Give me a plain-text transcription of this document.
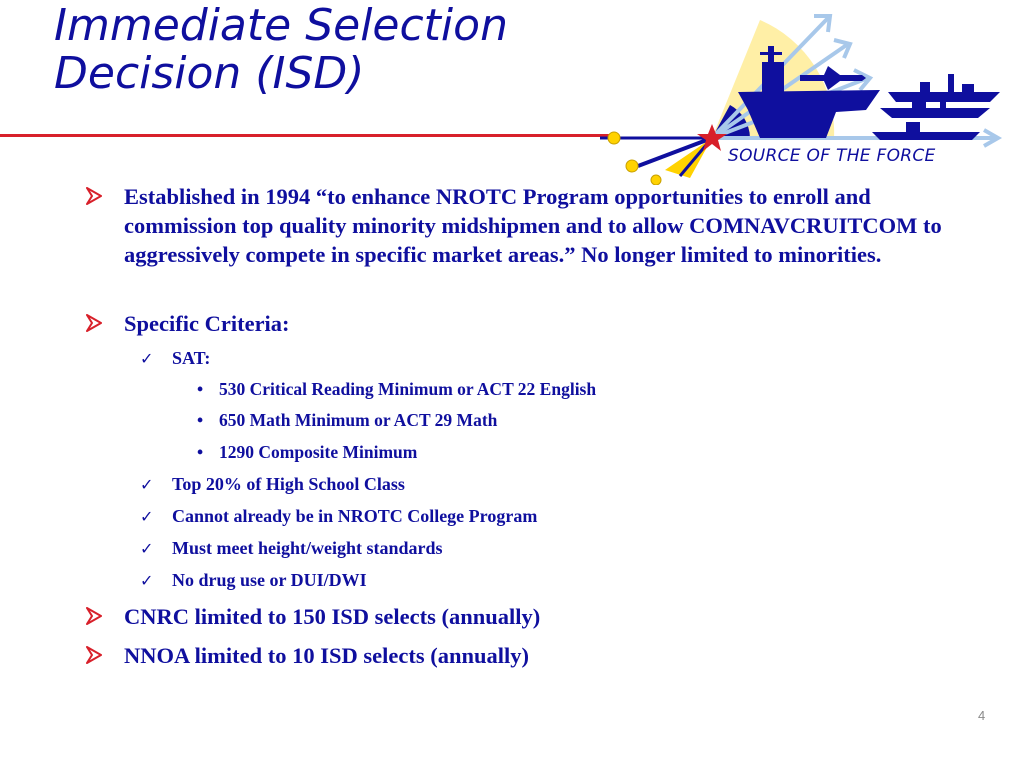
Immediate Selection
Decision (ISD)
SOURCE OF THE FORCE
Established in 1994 “to enhance NROTC Program opportunities to enroll and commission top quality minority midshipmen and to allow COMNAVCRUITCOM to aggressively compete in specific market areas.” No longer limited to minorities.
Specific Criteria:
✓ SAT:
• 530 Critical Reading Minimum or ACT 22 English
• 650 Math Minimum or ACT 29 Math
• 1290 Composite Minimum
✓ Top 20% of High School Class
✓ Cannot already be in NROTC College Program
✓ Must meet height/weight standards
✓ No drug use or DUI/DWI
CNRC limited to 150 ISD selects (annually)
NNOA limited to 10 ISD selects (annually)
4
